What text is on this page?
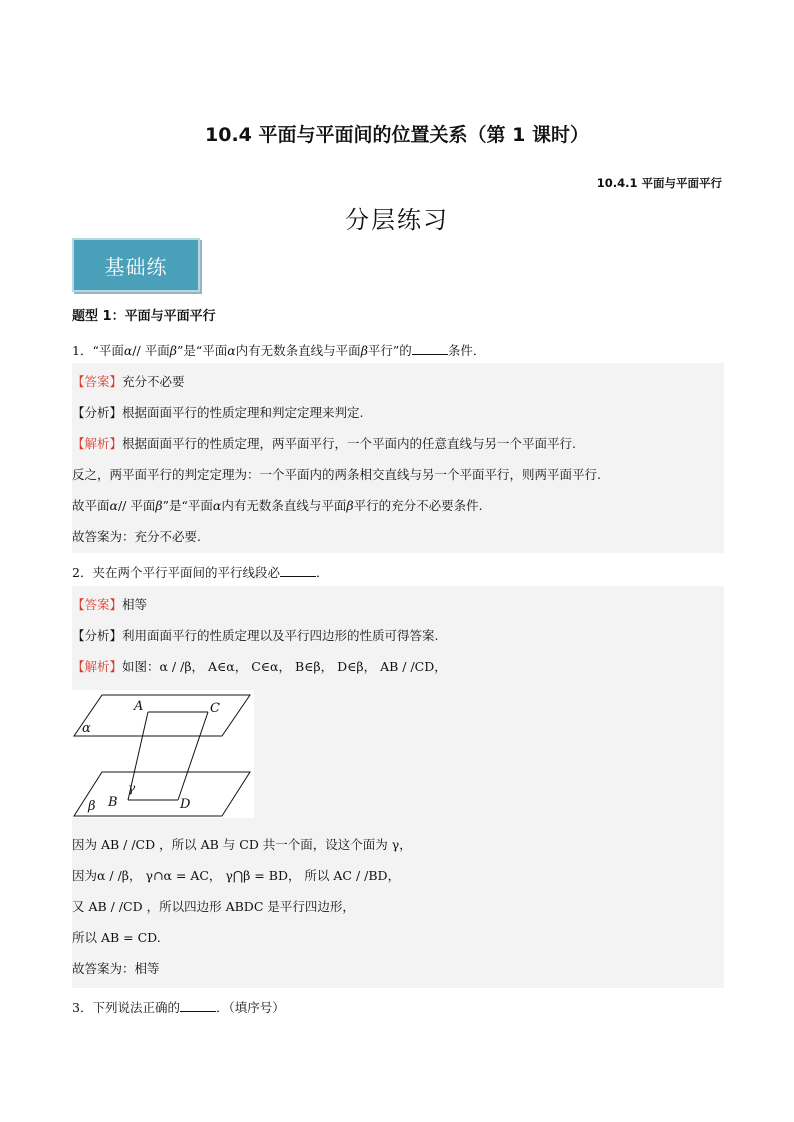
10.4 平面与平面间的位置关系（第 1 课时）
10.4.1 平面与平面平行
分层练习
基础练
题型 1：平面与平面平行
1．“平面α// 平面β”是“平面α内有无数条直线与平面β平行”的	条件．
【答案】充分不必要
【分析】根据面面平行的性质定理和判定定理来判定.
【解析】根据面面平行的性质定理，两平面平行，一个平面内的任意直线与另一个平面平行.
反之，两平面平行的判定定理为：一个平面内的两条相交直线与另一个平面平行，则两平面平行.
故平面α// 平面β”是“平面α内有无数条直线与平面β平行的充分不必要条件.
故答案为：充分不必要.
2．夹在两个平行平面间的平行线段必	．
【答案】相等
【分析】利用面面平行的性质定理以及平行四边形的性质可得答案.
【解析】如图：α / /β， A∈α， C∈α， B∈β， D∈β， AB / /CD，
因为 AB / /CD ，所以 AB 与 CD 共一个面，设这个面为 γ，
因为α / /β， γ∩α = AC， γ⋂β = BD， 所以 AC / /BD，
又 AB / /CD ，所以四边形 ABDC 是平行四边形，
所以 AB = CD.
故答案为：相等
A	C
α
γ
β B	D
3．下列说法正确的	．（填序号）
